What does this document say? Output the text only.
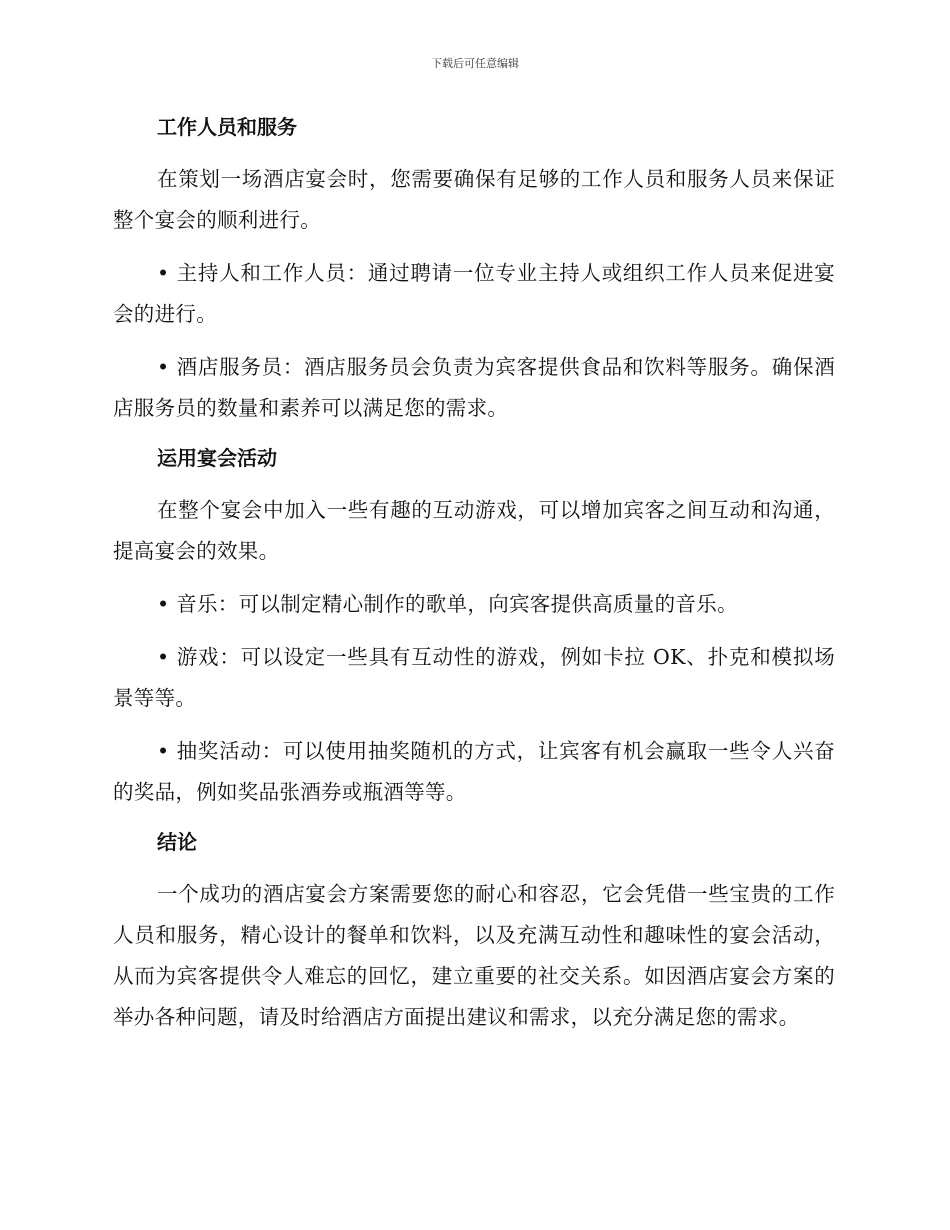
下载后可任意编辑
工作人员和服务

在策划一场酒店宴会时，您需要确保有足够的工作人员和服务人员来保证整个宴会的顺利进行。

• 主持人和工作人员：通过聘请一位专业主持人或组织工作人员来促进宴会的进行。

• 酒店服务员：酒店服务员会负责为宾客提供食品和饮料等服务。确保酒店服务员的数量和素养可以满足您的需求。

运用宴会活动

在整个宴会中加入一些有趣的互动游戏，可以增加宾客之间互动和沟通，提高宴会的效果。

• 音乐：可以制定精心制作的歌单，向宾客提供高质量的音乐。

• 游戏：可以设定一些具有互动性的游戏，例如卡拉 OK、扑克和模拟场景等等。

• 抽奖活动：可以使用抽奖随机的方式，让宾客有机会赢取一些令人兴奋的奖品，例如奖品张酒券或瓶酒等等。

结论

一个成功的酒店宴会方案需要您的耐心和容忍，它会凭借一些宝贵的工作人员和服务，精心设计的餐单和饮料，以及充满互动性和趣味性的宴会活动，从而为宾客提供令人难忘的回忆，建立重要的社交关系。如因酒店宴会方案的举办各种问题，请及时给酒店方面提出建议和需求，以充分满足您的需求。
